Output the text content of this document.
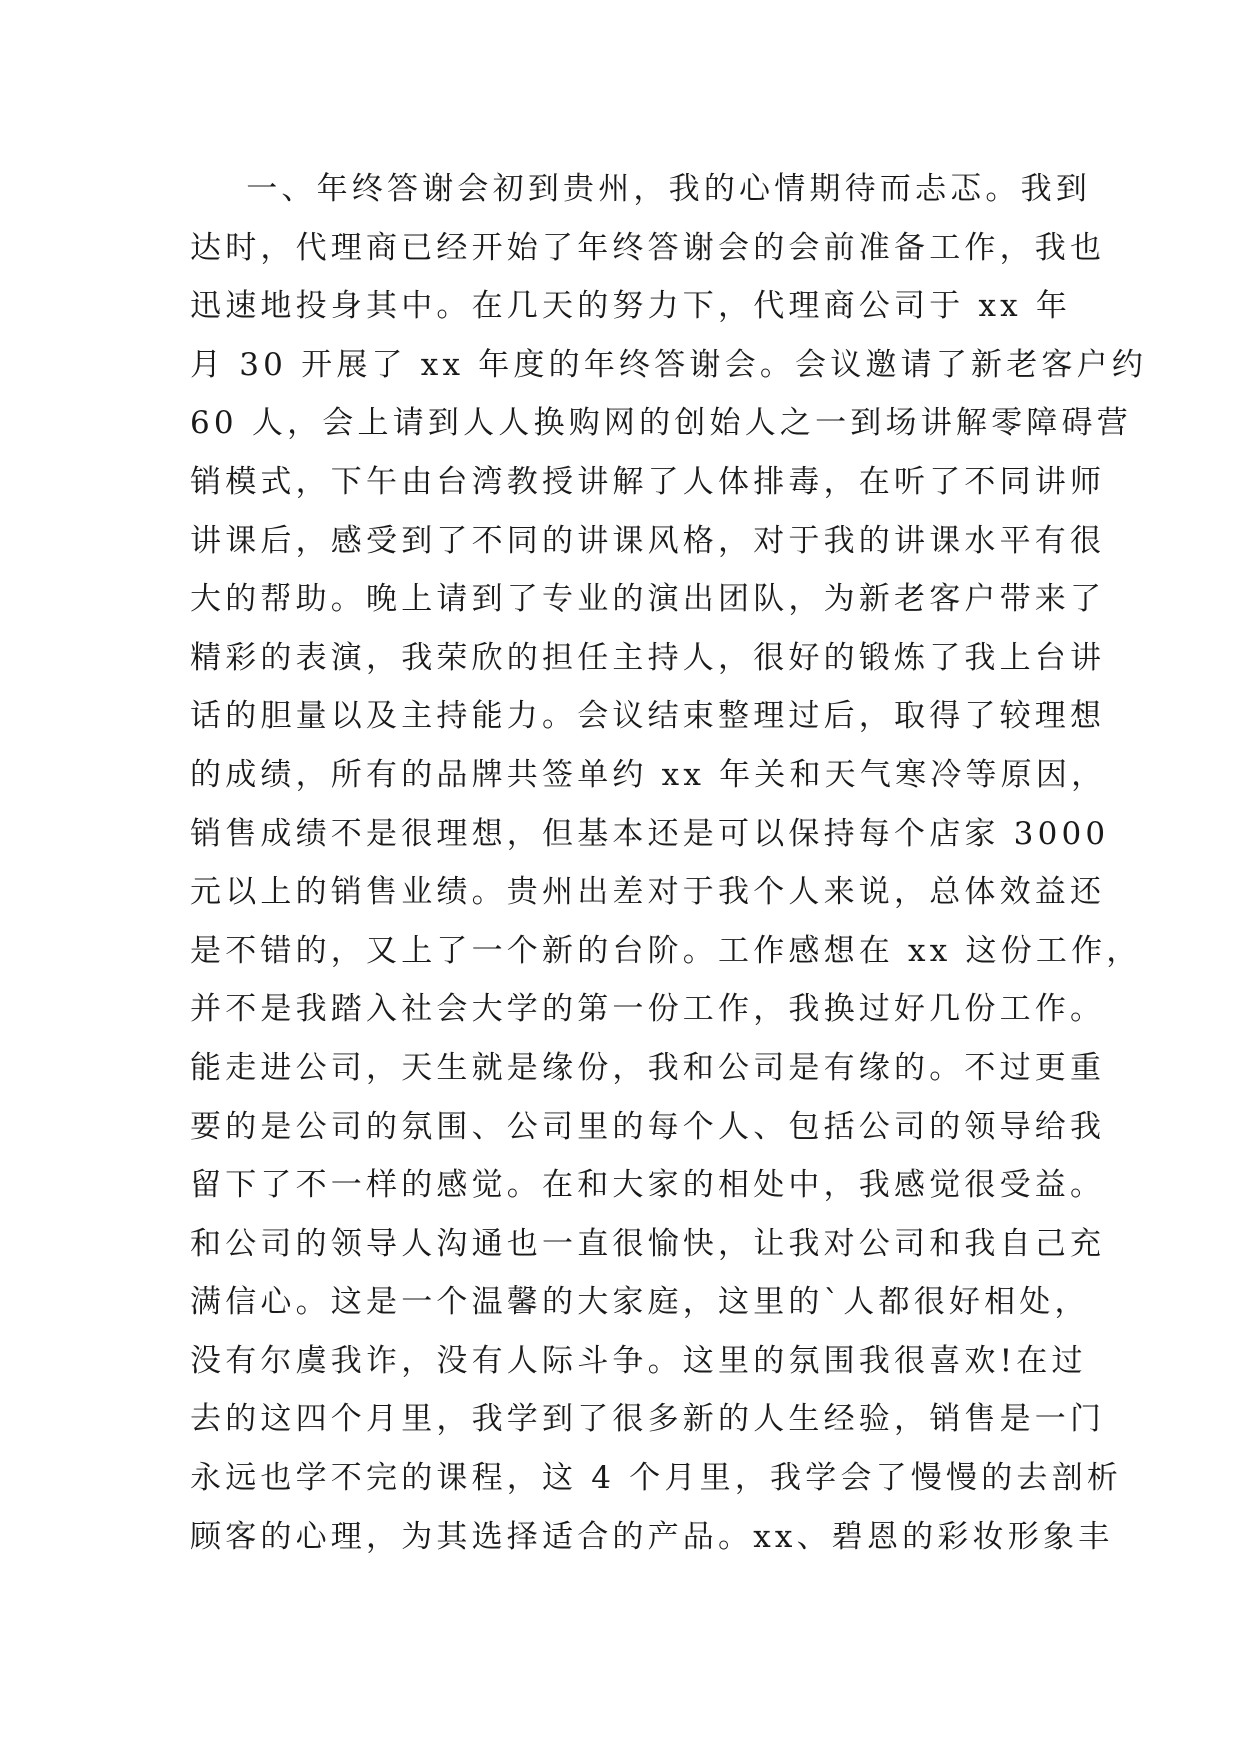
一、年终答谢会初到贵州，我的心情期待而忐忑。我到
达时，代理商已经开始了年终答谢会的会前准备工作，我也
迅速地投身其中。在几天的努力下，代理商公司于 xx 年
月 30 开展了 xx 年度的年终答谢会。会议邀请了新老客户约
60 人，会上请到人人换购网的创始人之一到场讲解零障碍营
销模式，下午由台湾教授讲解了人体排毒，在听了不同讲师
讲课后，感受到了不同的讲课风格，对于我的讲课水平有很
大的帮助。晚上请到了专业的演出团队，为新老客户带来了
精彩的表演，我荣欣的担任主持人，很好的锻炼了我上台讲
话的胆量以及主持能力。会议结束整理过后，取得了较理想
的成绩，所有的品牌共签单约 xx 年关和天气寒冷等原因，
销售成绩不是很理想，但基本还是可以保持每个店家 3000
元以上的销售业绩。贵州出差对于我个人来说，总体效益还
是不错的，又上了一个新的台阶。工作感想在 xx 这份工作，
并不是我踏入社会大学的第一份工作，我换过好几份工作。
能走进公司，天生就是缘份，我和公司是有缘的。不过更重
要的是公司的氛围、公司里的每个人、包括公司的领导给我
留下了不一样的感觉。在和大家的相处中，我感觉很受益。
和公司的领导人沟通也一直很愉快，让我对公司和我自己充
满信心。这是一个温馨的大家庭，这里的`人都很好相处，
没有尔虞我诈，没有人际斗争。这里的氛围我很喜欢!在过
去的这四个月里，我学到了很多新的人生经验，销售是一门
永远也学不完的课程，这 4 个月里，我学会了慢慢的去剖析
顾客的心理，为其选择适合的产品。xx、碧恩的彩妆形象丰
